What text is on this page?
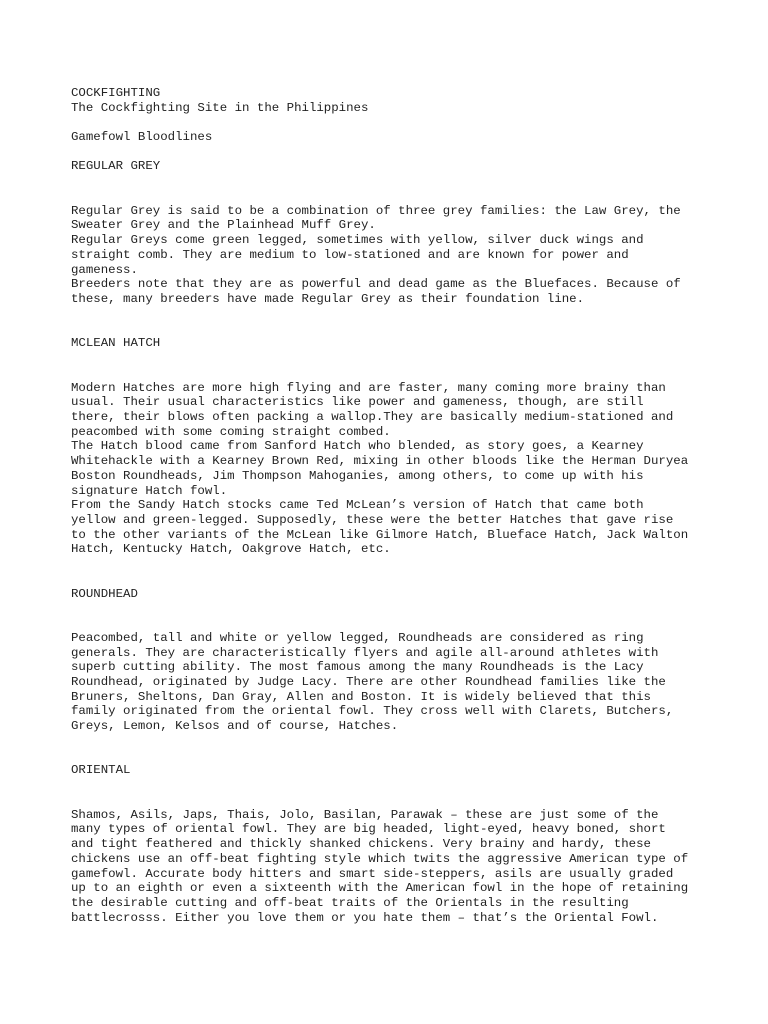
COCKFIGHTING

The Cockfighting Site in the Philippines

Gamefowl Bloodlines

REGULAR GREY

Regular Grey is said to be a combination of three grey families: the Law Grey, the

Sweater Grey and the Plainhead Muff Grey.

Regular Greys come green legged, sometimes with yellow, silver duck wings and

straight comb. They are medium to low-stationed and are known for power and

gameness.

Breeders note that they are as powerful and dead game as the Bluefaces. Because of

these, many breeders have made Regular Grey as their foundation line.

MCLEAN HATCH

Modern Hatches are more high flying and are faster, many coming more brainy than

usual. Their usual characteristics like power and gameness, though, are still

there, their blows often packing a wallop.They are basically medium-stationed and

peacombed with some coming straight combed.

The Hatch blood came from Sanford Hatch who blended, as story goes, a Kearney

Whitehackle with a Kearney Brown Red, mixing in other bloods like the Herman Duryea

Boston Roundheads, Jim Thompson Mahoganies, among others, to come up with his

signature Hatch fowl.

From the Sandy Hatch stocks came Ted McLean’s version of Hatch that came both

yellow and green-legged. Supposedly, these were the better Hatches that gave rise

to the other variants of the McLean like Gilmore Hatch, Blueface Hatch, Jack Walton

Hatch, Kentucky Hatch, Oakgrove Hatch, etc.

ROUNDHEAD

Peacombed, tall and white or yellow legged, Roundheads are considered as ring

generals. They are characteristically flyers and agile all-around athletes with

superb cutting ability. The most famous among the many Roundheads is the Lacy

Roundhead, originated by Judge Lacy. There are other Roundhead families like the

Bruners, Sheltons, Dan Gray, Allen and Boston. It is widely believed that this

family originated from the oriental fowl. They cross well with Clarets, Butchers,

Greys, Lemon, Kelsos and of course, Hatches.

ORIENTAL

Shamos, Asils, Japs, Thais, Jolo, Basilan, Parawak – these are just some of the

many types of oriental fowl. They are big headed, light-eyed, heavy boned, short

and tight feathered and thickly shanked chickens. Very brainy and hardy, these

chickens use an off-beat fighting style which twits the aggressive American type of

gamefowl. Accurate body hitters and smart side-steppers, asils are usually graded

up to an eighth or even a sixteenth with the American fowl in the hope of retaining

the desirable cutting and off-beat traits of the Orientals in the resulting

battlecrosss. Either you love them or you hate them – that’s the Oriental Fowl.
